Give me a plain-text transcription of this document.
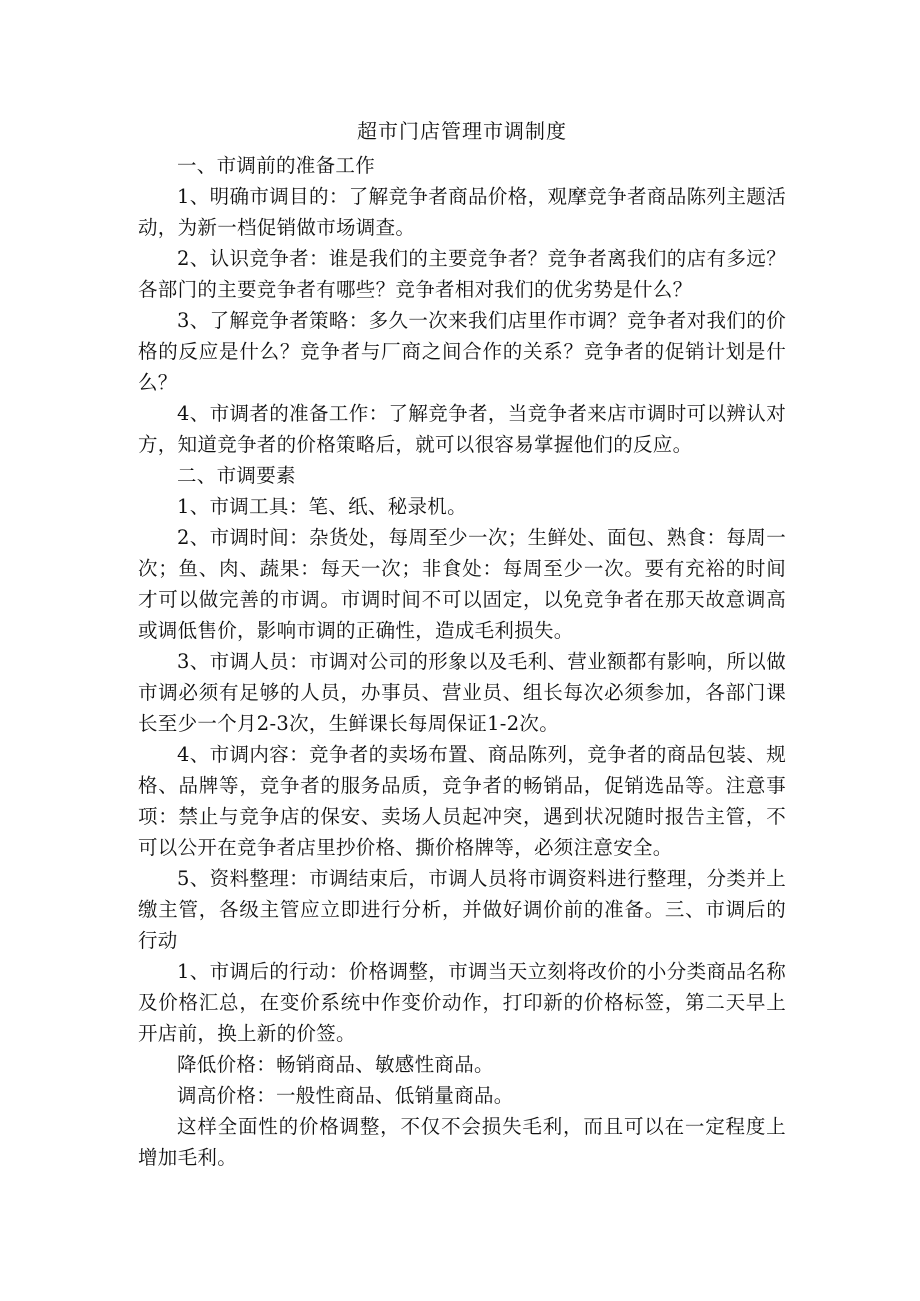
超市门店管理市调制度

一、市调前的准备工作

1、明确市调目的：了解竞争者商品价格，观摩竞争者商品陈列主题活动，为新一档促销做市场调查。

2、认识竞争者：谁是我们的主要竞争者？竞争者离我们的店有多远？各部门的主要竞争者有哪些？竞争者相对我们的优劣势是什么？

3、了解竞争者策略：多久一次来我们店里作市调？竞争者对我们的价格的反应是什么？竞争者与厂商之间合作的关系？竞争者的促销计划是什么？

4、市调者的准备工作：了解竞争者，当竞争者来店市调时可以辨认对方，知道竞争者的价格策略后，就可以很容易掌握他们的反应。

二、市调要素

1、市调工具：笔、纸、秘录机。

2、市调时间：杂货处，每周至少一次；生鲜处、面包、熟食：每周一次；鱼、肉、蔬果：每天一次；非食处：每周至少一次。要有充裕的时间才可以做完善的市调。市调时间不可以固定，以免竞争者在那天故意调高或调低售价，影响市调的正确性，造成毛利损失。

3、市调人员：市调对公司的形象以及毛利、营业额都有影响，所以做市调必须有足够的人员，办事员、营业员、组长每次必须参加，各部门课长至少一个月2-3次，生鲜课长每周保证1-2次。

4、市调内容：竞争者的卖场布置、商品陈列，竞争者的商品包装、规格、品牌等，竞争者的服务品质，竞争者的畅销品，促销选品等。注意事项：禁止与竞争店的保安、卖场人员起冲突，遇到状况随时报告主管，不可以公开在竞争者店里抄价格、撕价格牌等，必须注意安全。

5、资料整理：市调结束后，市调人员将市调资料进行整理，分类并上缴主管，各级主管应立即进行分析，并做好调价前的准备。三、市调后的行动

1、市调后的行动：价格调整，市调当天立刻将改价的小分类商品名称及价格汇总，在变价系统中作变价动作，打印新的价格标签，第二天早上开店前，换上新的价签。

降低价格：畅销商品、敏感性商品。

调高价格：一般性商品、低销量商品。

这样全面性的价格调整，不仅不会损失毛利，而且可以在一定程度上增加毛利。
